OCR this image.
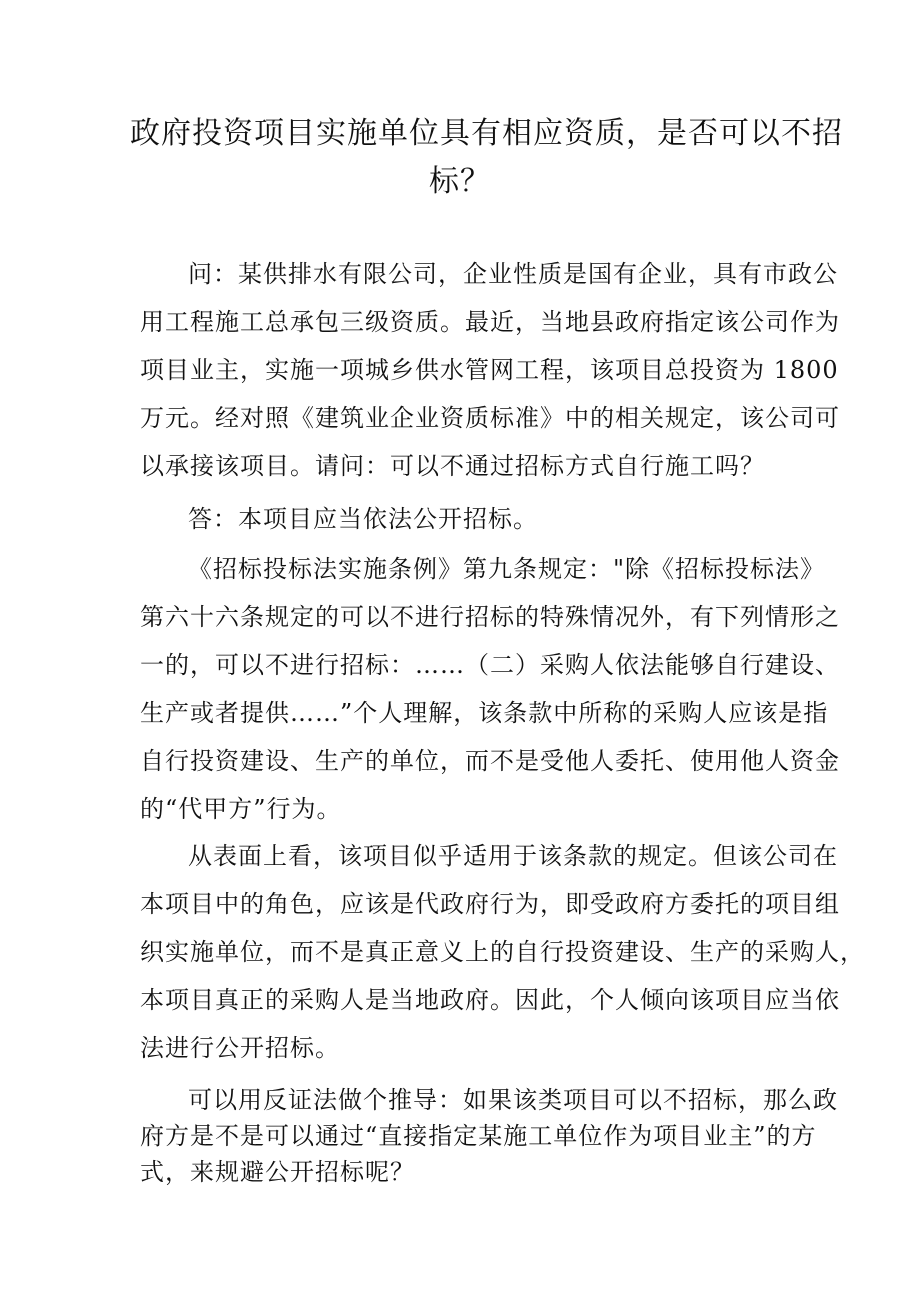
政府投资项目实施单位具有相应资质，是否可以不招
标？
问：某供排水有限公司，企业性质是国有企业，具有市政公
用工程施工总承包三级资质。最近，当地县政府指定该公司作为
项目业主，实施一项城乡供水管网工程，该项目总投资为 1800
万元。经对照《建筑业企业资质标准》中的相关规定，该公司可
以承接该项目。请问：可以不通过招标方式自行施工吗？
答：本项目应当依法公开招标。
《招标投标法实施条例》第九条规定："除《招标投标法》
第六十六条规定的可以不进行招标的特殊情况外，有下列情形之
一的，可以不进行招标：……（二）采购人依法能够自行建设、
生产或者提供……”个人理解，该条款中所称的采购人应该是指
自行投资建设、生产的单位，而不是受他人委托、使用他人资金
的“代甲方”行为。
从表面上看，该项目似乎适用于该条款的规定。但该公司在
本项目中的角色，应该是代政府行为，即受政府方委托的项目组
织实施单位，而不是真正意义上的自行投资建设、生产的采购人，
本项目真正的采购人是当地政府。因此，个人倾向该项目应当依
法进行公开招标。
可以用反证法做个推导：如果该类项目可以不招标，那么政
府方是不是可以通过“直接指定某施工单位作为项目业主”的方
式，来规避公开招标呢？
